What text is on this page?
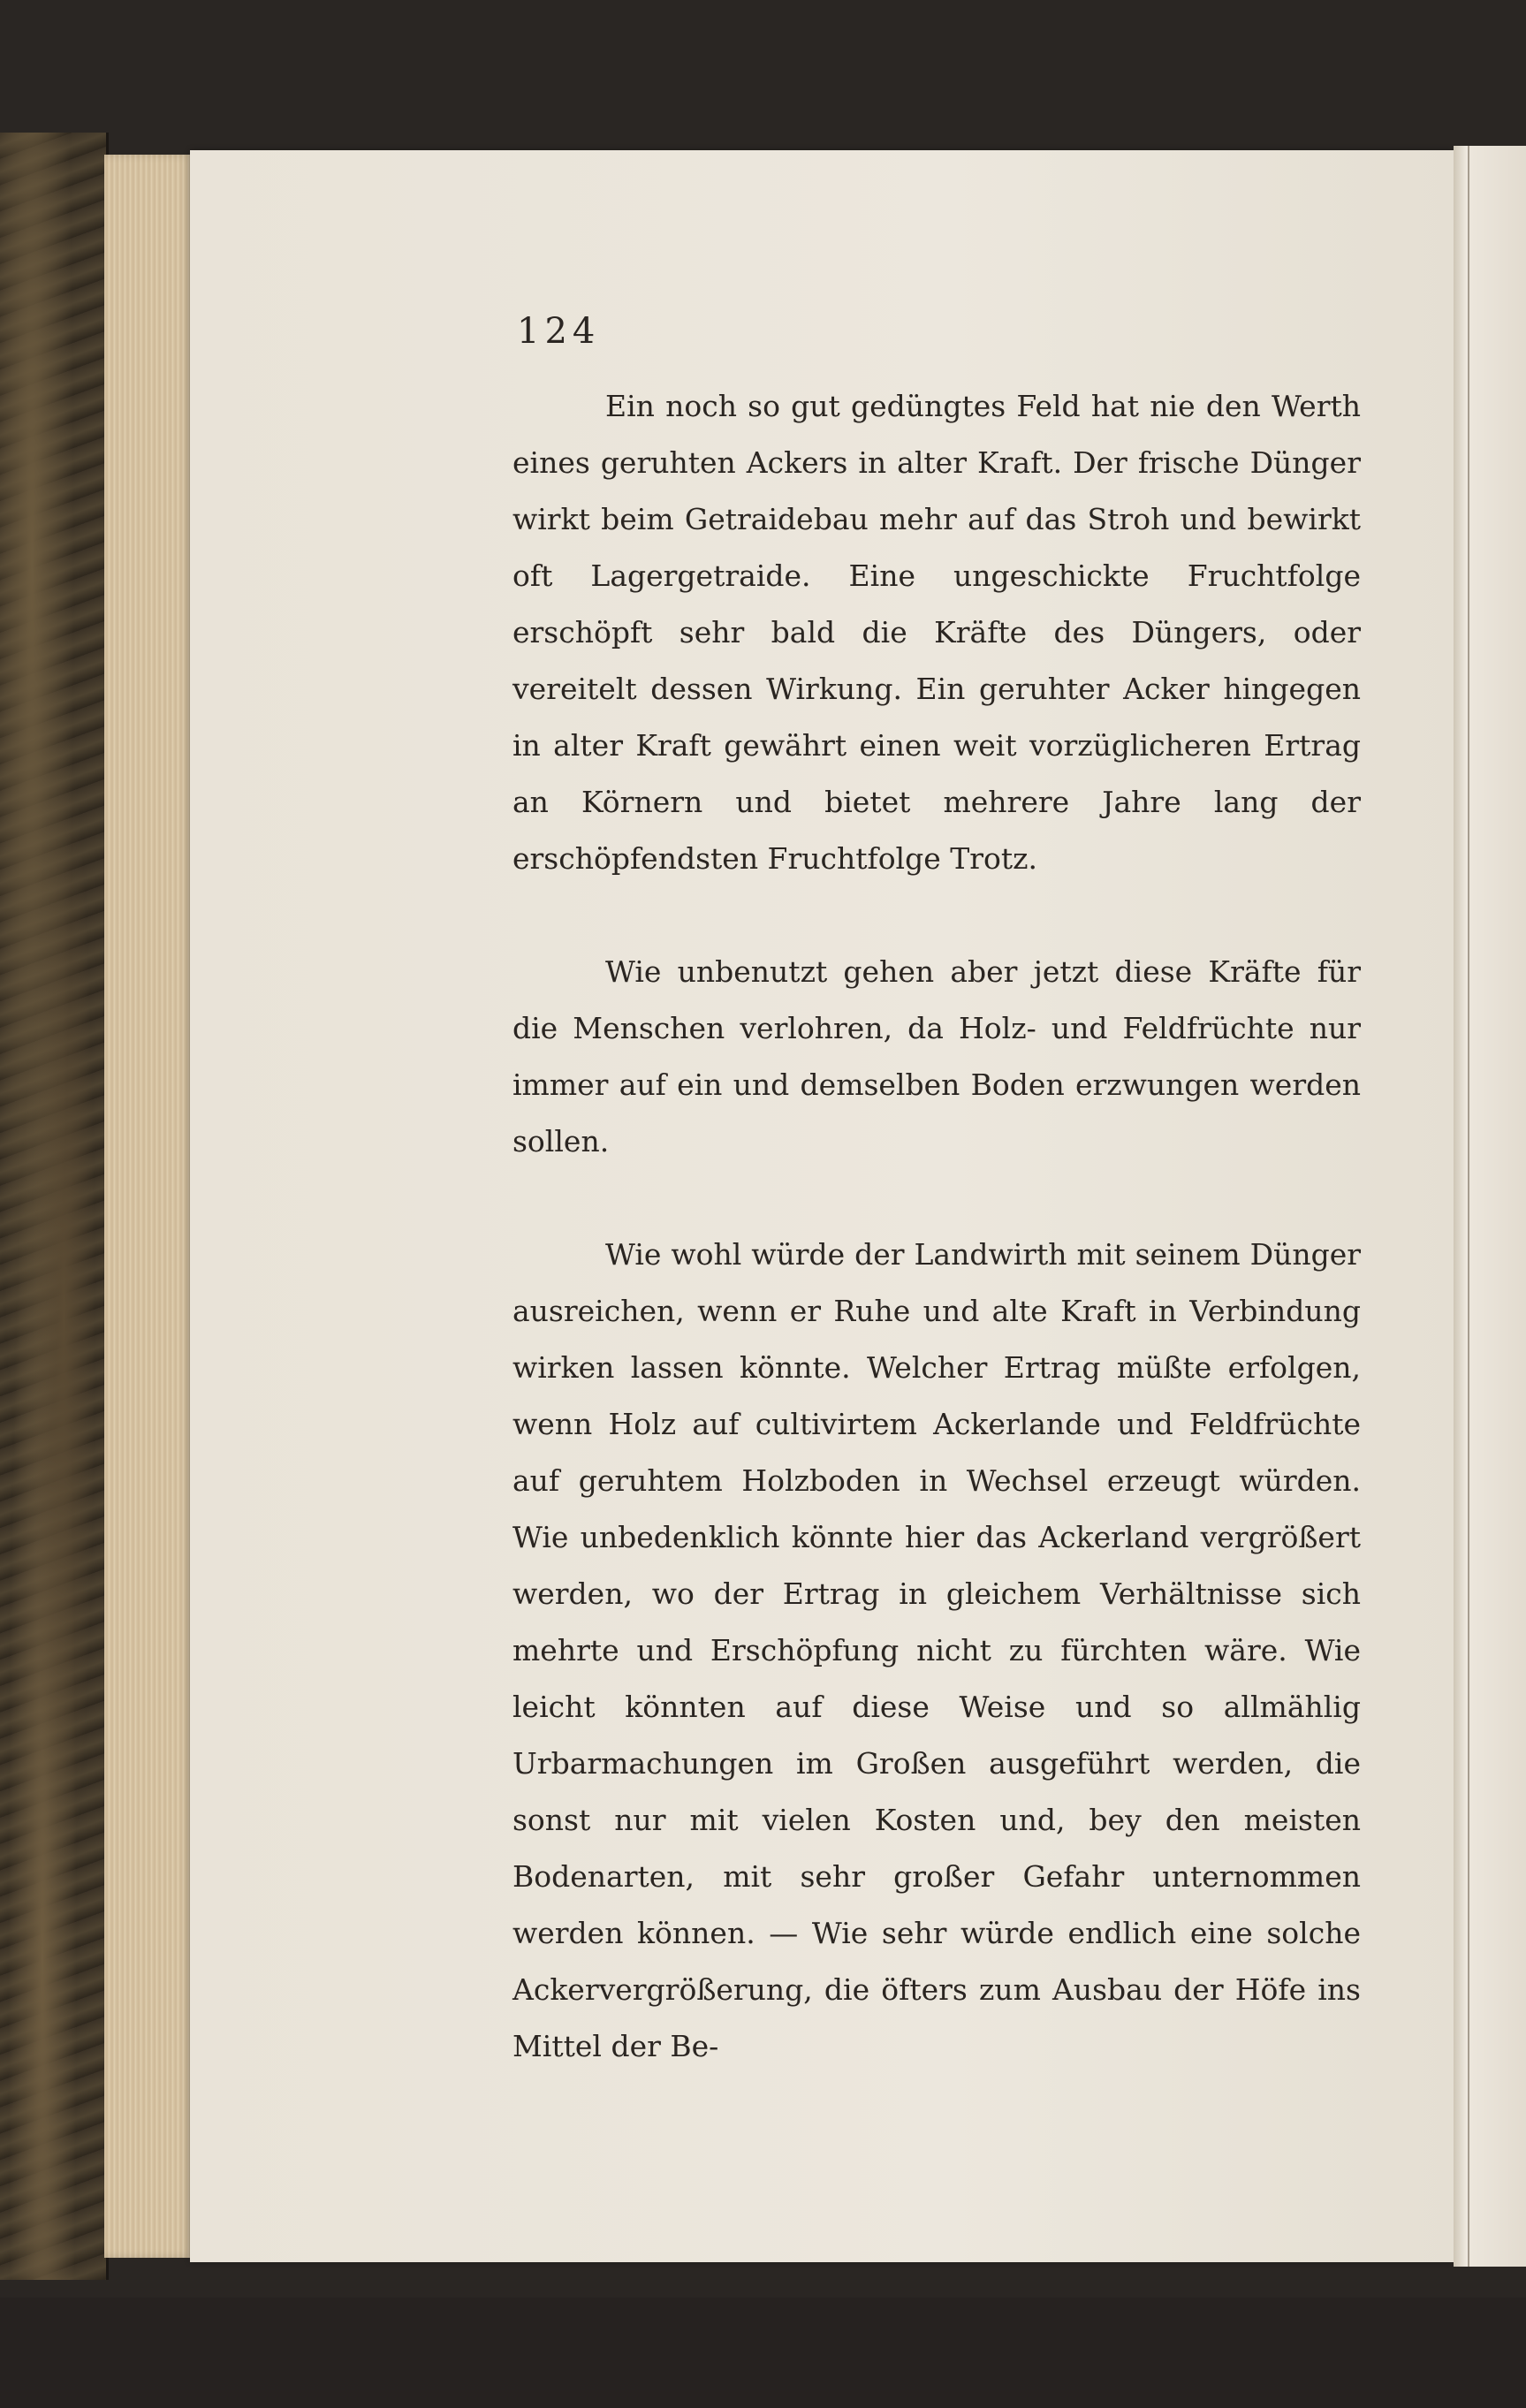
124

Ein noch so gut gedüngtes Feld hat nie den Werth eines geruhten Ackers in alter Kraft. Der frische Dünger wirkt beim Getraidebau mehr auf das Stroh und bewirkt oft Lagergetraide. Eine ungeschickte Fruchtfolge erschöpft sehr bald die Kräfte des Düngers, oder vereitelt dessen Wirkung. Ein geruhter Acker hingegen in alter Kraft gewährt einen weit vorzüglicheren Ertrag an Körnern und bietet mehrere Jahre lang der erschöpfendsten Fruchtfolge Trotz.

Wie unbenutzt gehen aber jetzt diese Kräfte für die Menschen verlohren, da Holz- und Feldfrüchte nur immer auf ein und demselben Boden erzwungen werden sollen.

Wie wohl würde der Landwirth mit seinem Dünger ausreichen, wenn er Ruhe und alte Kraft in Verbindung wirken lassen könnte. Welcher Ertrag müßte erfolgen, wenn Holz auf cultivirtem Ackerlande und Feldfrüchte auf geruhtem Holzboden in Wechsel erzeugt würden. Wie unbedenklich könnte hier das Ackerland vergrößert werden, wo der Ertrag in gleichem Verhältnisse sich mehrte und Erschöpfung nicht zu fürchten wäre. Wie leicht könnten auf diese Weise und so allmählig Urbarmachungen im Großen ausgeführt werden, die sonst nur mit vielen Kosten und, bey den meisten Bodenarten, mit sehr großer Gefahr unternommen werden können. — Wie sehr würde endlich eine solche Ackervergrößerung, die öfters zum Ausbau der Höfe ins Mittel der Be-
